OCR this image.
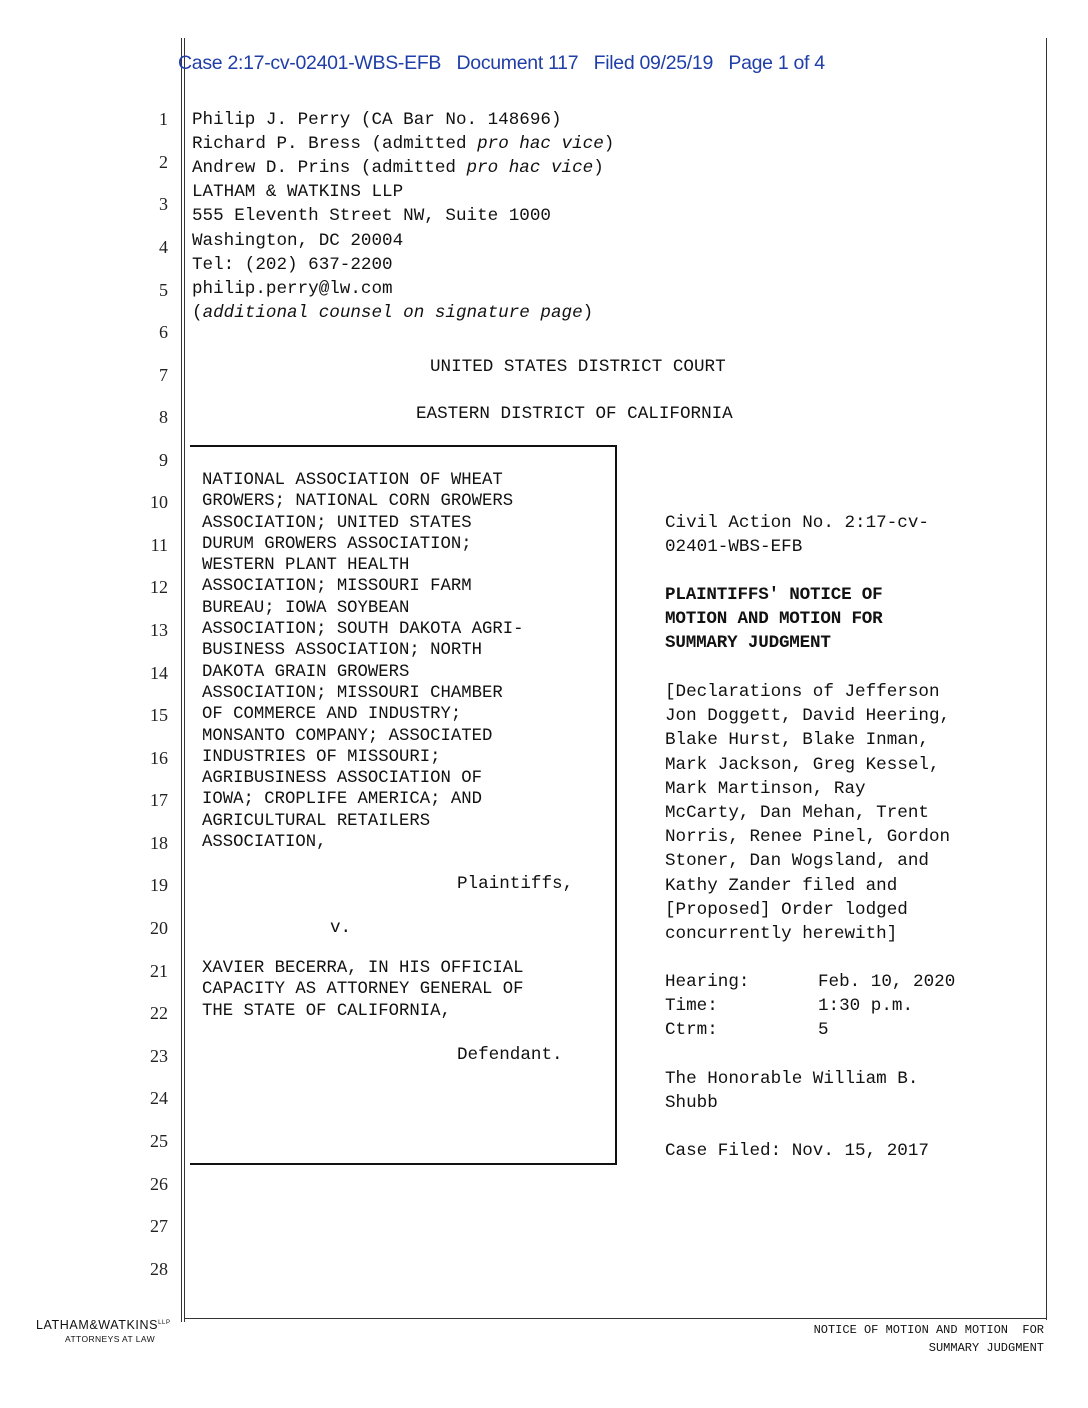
Case 2:17-cv-02401-WBS-EFB   Document 117   Filed 09/25/19   Page 1 of 4
1
2
3
4
5
6
7
8
9
10
11
12
13
14
15
16
17
18
19
20
21
22
23
24
25
26
27
28
Philip J. Perry (CA Bar No. 148696)
Richard P. Bress (admitted pro hac vice)
Andrew D. Prins (admitted pro hac vice)
LATHAM & WATKINS LLP
555 Eleventh Street NW, Suite 1000
Washington, DC 20004
Tel: (202) 637-2200
philip.perry@lw.com
(additional counsel on signature page)
UNITED STATES DISTRICT COURT
EASTERN DISTRICT OF CALIFORNIA
NATIONAL ASSOCIATION OF WHEAT
GROWERS; NATIONAL CORN GROWERS
ASSOCIATION; UNITED STATES
DURUM GROWERS ASSOCIATION;
WESTERN PLANT HEALTH
ASSOCIATION; MISSOURI FARM
BUREAU; IOWA SOYBEAN
ASSOCIATION; SOUTH DAKOTA AGRI-
BUSINESS ASSOCIATION; NORTH
DAKOTA GRAIN GROWERS
ASSOCIATION; MISSOURI CHAMBER
OF COMMERCE AND INDUSTRY;
MONSANTO COMPANY; ASSOCIATED
INDUSTRIES OF MISSOURI;
AGRIBUSINESS ASSOCIATION OF
IOWA; CROPLIFE AMERICA; AND
AGRICULTURAL RETAILERS
ASSOCIATION,
Plaintiffs,
v.
XAVIER BECERRA, IN HIS OFFICIAL
CAPACITY AS ATTORNEY GENERAL OF
THE STATE OF CALIFORNIA,
Defendant.
Civil Action No. 2:17-cv-
02401-WBS-EFB
PLAINTIFFS' NOTICE OF
MOTION AND MOTION FOR
SUMMARY JUDGMENT
[Declarations of Jefferson
Jon Doggett, David Heering,
Blake Hurst, Blake Inman,
Mark Jackson, Greg Kessel,
Mark Martinson, Ray
McCarty, Dan Mehan, Trent
Norris, Renee Pinel, Gordon
Stoner, Dan Wogsland, and
Kathy Zander filed and
[Proposed] Order lodged
concurrently herewith]
Hearing:	Feb. 10, 2020
Time:	1:30 p.m.
Ctrm:	5
The Honorable William B.
Shubb
Case Filed: Nov. 15, 2017
$LATHAM\&WATKINS^{LLP}$
ATTORNEYS AT LAW
NOTICE OF MOTION AND MOTION  FOR
SUMMARY JUDGMENT
